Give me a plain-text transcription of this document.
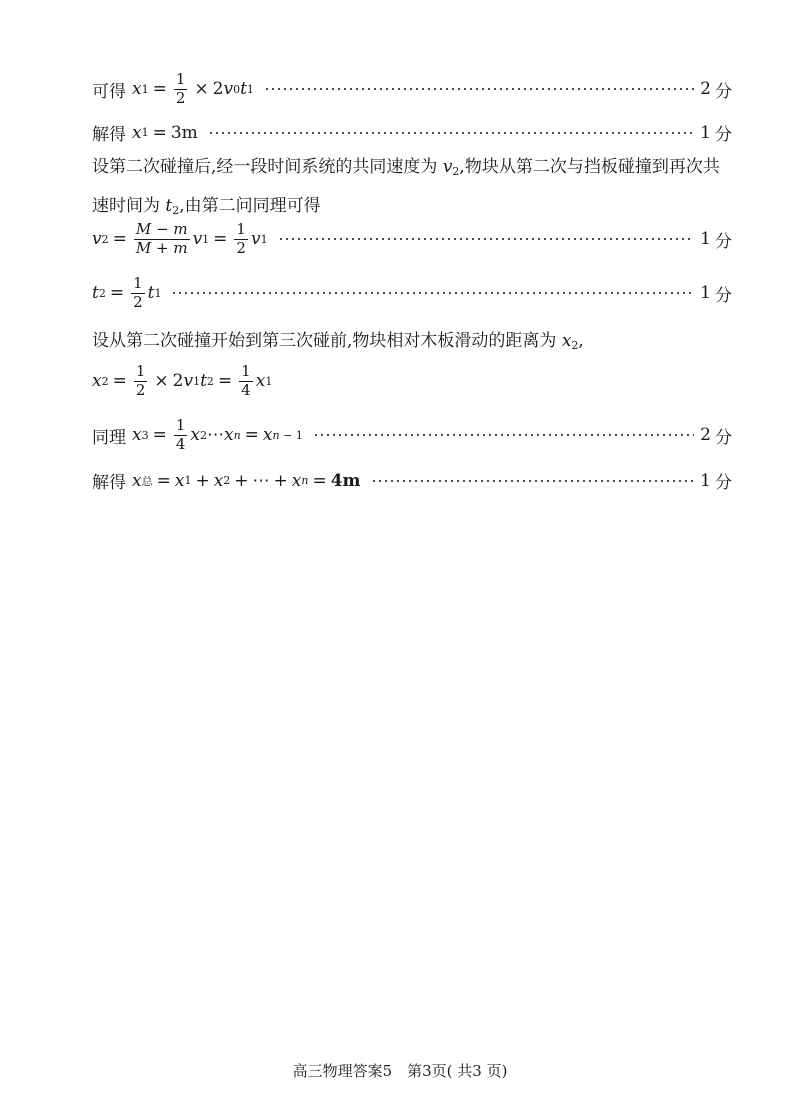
可得 x $1 = \frac{1}{2} \times 2$ v 0 t 1	2 分
解得 x 1 = 3m	1 分
设第二次碰撞后,经一段时间系统的共同速度为 $v_2$,物块从第二次与挡板碰撞到再次共速时间为 $t_2$,由第二问同理可得
v $2 = \frac{M - m}{M + m}$ v $1 = \frac{1}{2}$ v 1	1 分
t $2 = \frac{1}{2}$ t 1	1 分
设从第二次碰撞开始到第三次碰前,物块相对木板滑动的距离为 $x_2$,
x $2 = \frac{1}{2} \times 2$ v 1 t $2 = \frac{1}{4}$ x 1
同理 x $3 = \frac{1}{4}$ x 2 ⋯ x n = x n − 1	2 分
解得 x 总 = x 1 + x 2 + ⋯ + x n = 4m	1 分
高三物理答案5　第3页( 共3 页)
